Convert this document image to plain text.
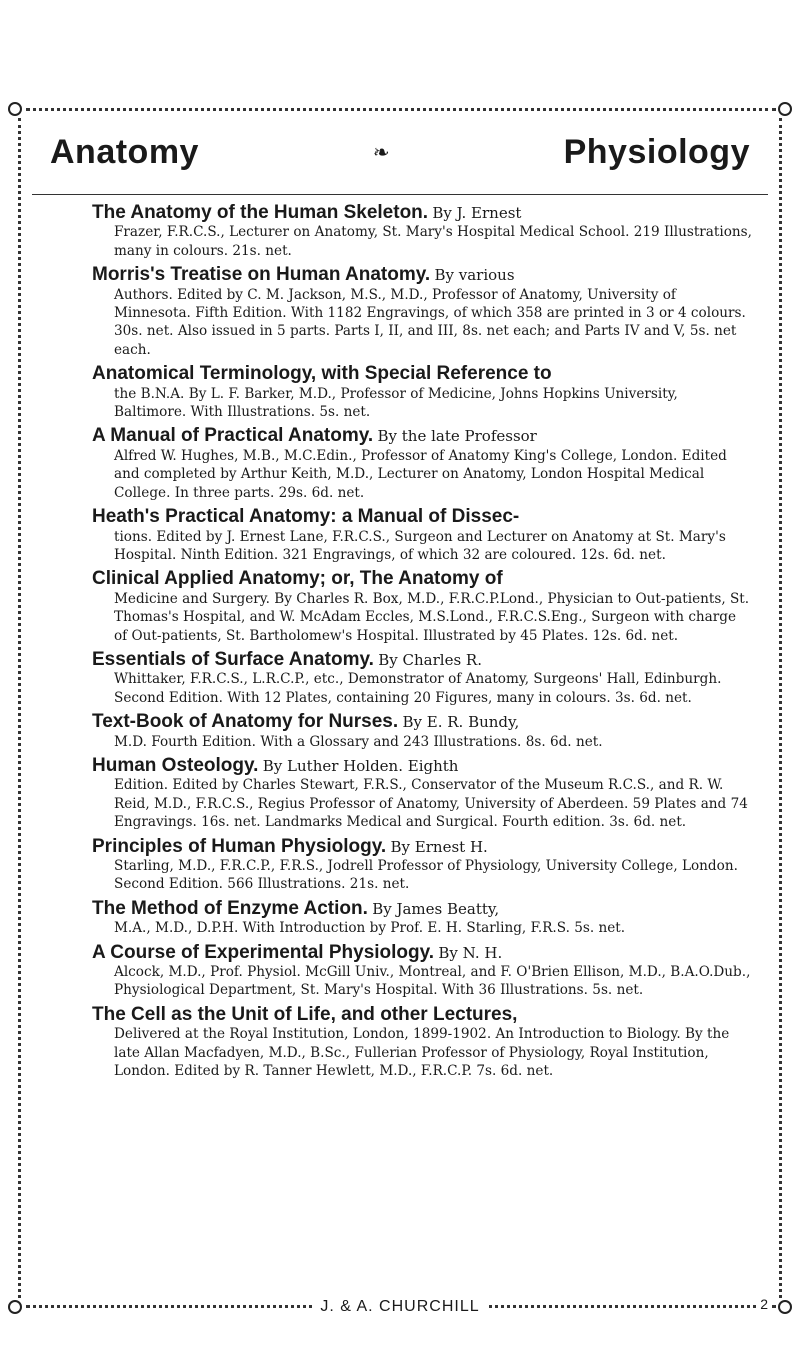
Anatomy	❧	Physiology
The Anatomy of the Human Skeleton. By J. Ernest
Frazer, F.R.C.S., Lecturer on Anatomy, St. Mary's Hospital Medical School. 219 Illustrations, many in colours. 21s. net.
Morris's Treatise on Human Anatomy. By various
Authors. Edited by C. M. Jackson, M.S., M.D., Professor of Anatomy, University of Minnesota. Fifth Edition. With 1182 Engravings, of which 358 are printed in 3 or 4 colours. 30s. net. Also issued in 5 parts. Parts I, II, and III, 8s. net each; and Parts IV and V, 5s. net each.
Anatomical Terminology, with Special Reference to
the B.N.A. By L. F. Barker, M.D., Professor of Medicine, Johns Hopkins University, Baltimore. With Illustrations. 5s. net.
A Manual of Practical Anatomy. By the late Professor
Alfred W. Hughes, M.B., M.C.Edin., Professor of Anatomy King's College, London. Edited and completed by Arthur Keith, M.D., Lecturer on Anatomy, London Hospital Medical College. In three parts. 29s. 6d. net.
Heath's Practical Anatomy: a Manual of Dissec-
tions. Edited by J. Ernest Lane, F.R.C.S., Surgeon and Lecturer on Anatomy at St. Mary's Hospital. Ninth Edition. 321 Engravings, of which 32 are coloured. 12s. 6d. net.
Clinical Applied Anatomy; or, The Anatomy of
Medicine and Surgery. By Charles R. Box, M.D., F.R.C.P.Lond., Physician to Out-patients, St. Thomas's Hospital, and W. McAdam Eccles, M.S.Lond., F.R.C.S.Eng., Surgeon with charge of Out-patients, St. Bartholomew's Hospital. Illustrated by 45 Plates. 12s. 6d. net.
Essentials of Surface Anatomy. By Charles R.
Whittaker, F.R.C.S., L.R.C.P., etc., Demonstrator of Anatomy, Surgeons' Hall, Edinburgh. Second Edition. With 12 Plates, containing 20 Figures, many in colours. 3s. 6d. net.
Text-Book of Anatomy for Nurses. By E. R. Bundy,
M.D. Fourth Edition. With a Glossary and 243 Illustrations. 8s. 6d. net.
Human Osteology. By Luther Holden. Eighth
Edition. Edited by Charles Stewart, F.R.S., Conservator of the Museum R.C.S., and R. W. Reid, M.D., F.R.C.S., Regius Professor of Anatomy, University of Aberdeen. 59 Plates and 74 Engravings. 16s. net. Landmarks Medical and Surgical. Fourth edition. 3s. 6d. net.
Principles of Human Physiology. By Ernest H.
Starling, M.D., F.R.C.P., F.R.S., Jodrell Professor of Physiology, University College, London. Second Edition. 566 Illustrations. 21s. net.
The Method of Enzyme Action. By James Beatty,
M.A., M.D., D.P.H. With Introduction by Prof. E. H. Starling, F.R.S. 5s. net.
A Course of Experimental Physiology. By N. H.
Alcock, M.D., Prof. Physiol. McGill Univ., Montreal, and F. O'Brien Ellison, M.D., B.A.O.Dub., Physiological Department, St. Mary's Hospital. With 36 Illustrations. 5s. net.
The Cell as the Unit of Life, and other Lectures,
Delivered at the Royal Institution, London, 1899-1902. An Introduction to Biology. By the late Allan Macfadyen, M.D., B.Sc., Fullerian Professor of Physiology, Royal Institution, London. Edited by R. Tanner Hewlett, M.D., F.R.C.P. 7s. 6d. net.
J. & A. CHURCHILL	2
